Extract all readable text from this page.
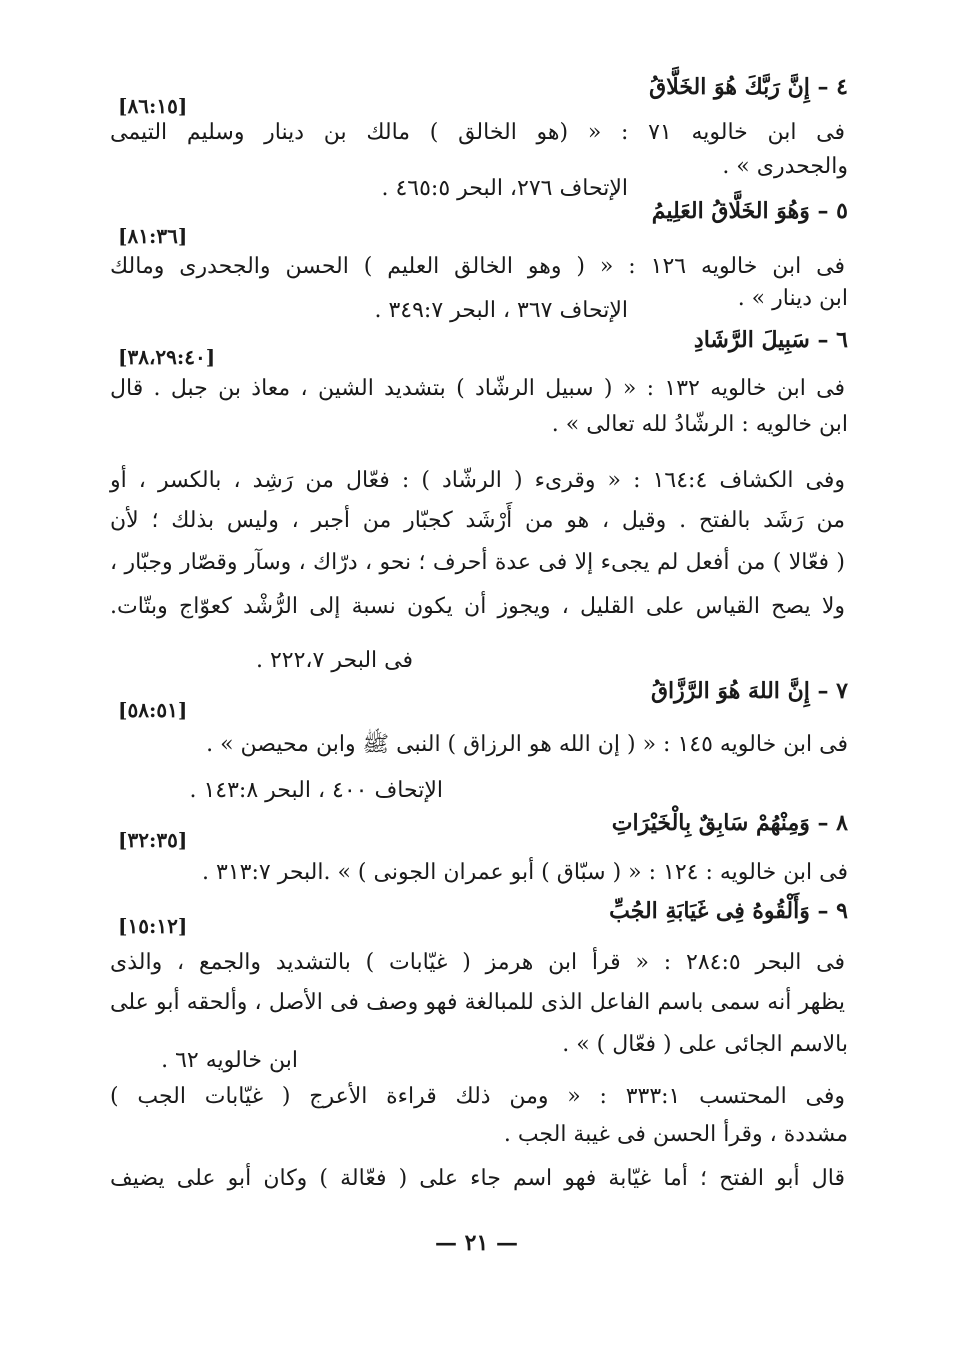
٤ – إِنَّ رَبَّكَ هُوَ الخَلَّاقُ
[٨٦:١٥]
فى ابن خالويه ٧١ : « (هو الخالق ) مالك بن دينار وسليم التيمى
والجحدرى » .
الإتحاف ٢٧٦، البحر ٤٦٥:٥ .
٥ – وَهُوَ الخَلَّاقُ العَلِيمُ
[٨١:٣٦]
فى ابن خالويه ١٢٦ : « ( وهو الخالق العليم ) الحسن والجحدرى ومالك
ابن دينار » .
الإتحاف ٣٦٧ ، البحر ٣٤٩:٧ .
٦ – سَبِيلَ الرَّشَادِ
[٣٨،٢٩:٤٠]
فى ابن خالويه ١٣٢ : « ( سبيل الرشّاد ) بتشديد الشين ، معاذ بن جبل . قال
ابن خالويه : الرشّادُ لله تعالى » .
وفى الكشاف ١٦٤:٤ : « وقرىء ( الرشّاد ) : فعّال من رَشِد ، بالكسر ، أو
من رَشَد بالفتح . وقيل ، هو من أَرْشَد كجبّار من أجبر ، وليس بذلك ؛ لأن
( فعّالا ) من أفعل لم يجىء إلا فى عدة أحرف ؛ نحو ، درّاك ، وسآر وقصّار وجبّار ،
ولا يصح القياس على القليل ، ويجوز أن يكون نسبة إلى الرُّشْد كعوّاج وبتّات.
فى البحر ٢٢٢،٧ .
٧ – إِنَّ اللهَ هُوَ الرَّزَّاقُ
[٥٨:٥١]
فى ابن خالويه ١٤٥ : « ( إن الله هو الرزاق ) النبى ﷺ وابن محيصن » .
الإتحاف ٤٠٠ ، البحر ١٤٣:٨ .
٨ – وَمِنْهُمْ سَابِقٌ بِالْخَيْرَاتِ
[٣٢:٣٥]
فى ابن خالويه : ١٢٤ : « ( سبّاق ) أبو عمران الجونى ) » .البحر ٣١٣:٧ .
٩ – وَأَلْقُوهُ فِى غَيَابَةِ الجُبِّ
[١٥:١٢]
فى البحر ٢٨٤:٥ : « قرأ ابن هرمز ( غيّابات ) بالتشديد والجمع ، والذى
يظهر أنه سمى باسم الفاعل الذى للمبالغة فهو وصف فى الأصل ، وألحقه أبو على
بالاسم الجائى على ( فعّال ) » .
ابن خالويه ٦٢ .
وفى المحتسب ٣٣٣:١ : « ومن ذلك قراءة الأعرج ( غيّابات الجب )
مشددة ، وقرأ الحسن فى غيبة الجب .
قال أبو الفتح ؛ أما غيّابة فهو اسم جاء على ( فعّالة ) وكان أبو على يضيف
— ٢١ —
